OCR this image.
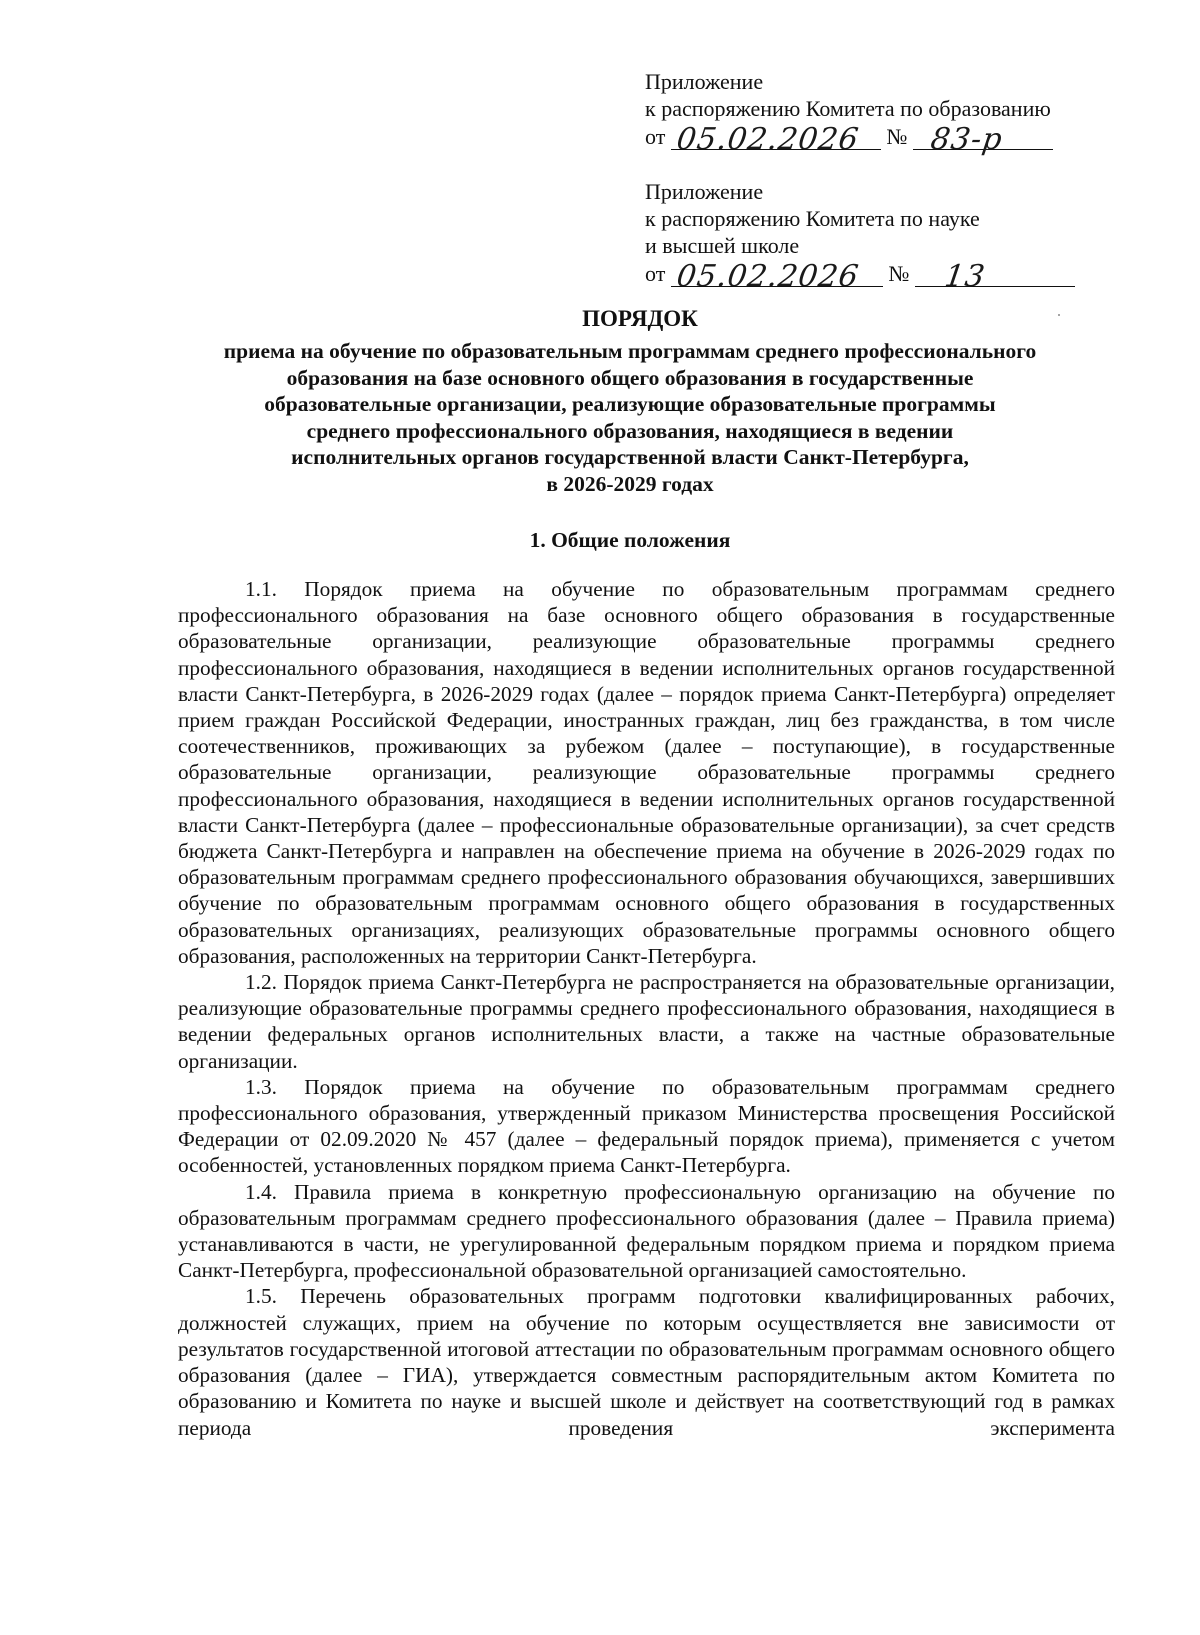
Приложение
к распоряжению Комитета по образованию
от 05.02.2026 № 83-р
Приложение
к распоряжению Комитета по науке
и высшей школе
от 05.02.2026 № 13
ПОРЯДОК
приема на обучение по образовательным программам среднего профессионального
образования на базе основного общего образования в государственные
образовательные организации, реализующие образовательные программы
среднего профессионального образования, находящиеся в ведении
исполнительных органов государственной власти Санкт-Петербурга,
в 2026-2029 годах
1. Общие положения

1.1. Порядок приема на обучение по образовательным программам среднего профессионального образования на базе основного общего образования в государственные образовательные организации, реализующие образовательные программы среднего профессионального образования, находящиеся в ведении исполнительных органов государственной власти Санкт-Петербурга, в 2026-2029 годах (далее – порядок приема Санкт-Петербурга) определяет прием граждан Российской Федерации, иностранных граждан, лиц без гражданства, в том числе соотечественников, проживающих за рубежом (далее – поступающие), в государственные образовательные организации, реализующие образовательные программы среднего профессионального образования, находящиеся в ведении исполнительных органов государственной власти Санкт-Петербурга (далее – профессиональные образовательные организации), за счет средств бюджета Санкт-Петербурга и направлен на обеспечение приема на обучение в 2026-2029 годах по образовательным программам среднего профессионального образования обучающихся, завершивших обучение по образовательным программам основного общего образования в государственных образовательных организациях, реализующих образовательные программы основного общего образования, расположенных на территории Санкт-Петербурга.

1.2. Порядок приема Санкт-Петербурга не распространяется на образовательные организации, реализующие образовательные программы среднего профессионального образования, находящиеся в ведении федеральных органов исполнительных власти, а также на частные образовательные организации.

1.3. Порядок приема на обучение по образовательным программам среднего профессионального образования, утвержденный приказом Министерства просвещения Российской Федерации от 02.09.2020 № 457 (далее – федеральный порядок приема), применяется с учетом особенностей, установленных порядком приема Санкт-Петербурга.

1.4. Правила приема в конкретную профессиональную организацию на обучение по образовательным программам среднего профессионального образования (далее – Правила приема) устанавливаются в части, не урегулированной федеральным порядком приема и порядком приема Санкт-Петербурга, профессиональной образовательной организацией самостоятельно.

1.5. Перечень образовательных программ подготовки квалифицированных рабочих, должностей служащих, прием на обучение по которым осуществляется вне зависимости от результатов государственной итоговой аттестации по образовательным программам основного общего образования (далее – ГИА), утверждается совместным распорядительным актом Комитета по образованию и Комитета по науке и высшей школе и действует на соответствующий год в рамках периода проведения эксперимента
